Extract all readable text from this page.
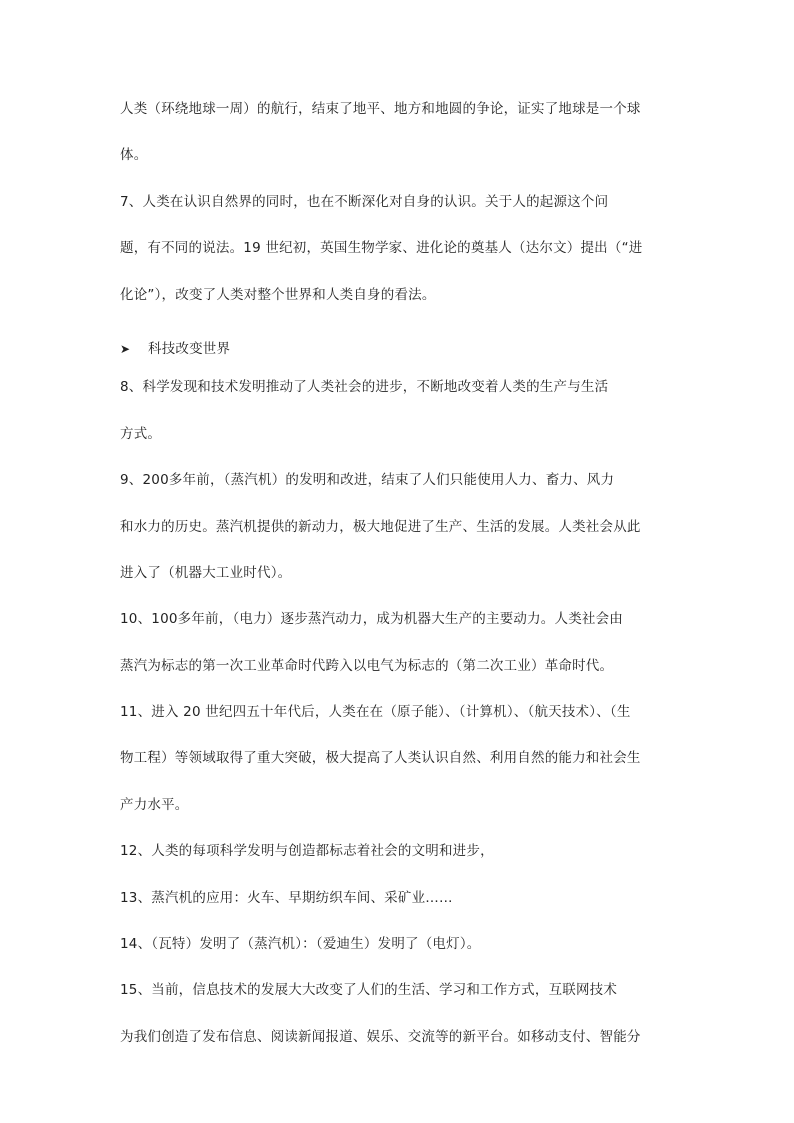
人类（环绕地球一周）的航行，结束了地平、地方和地圆的争论，证实了地球是一个球
体。
7、人类在认识自然界的同时，也在不断深化对自身的认识。关于人的起源这个问
题，有不同的说法。19 世纪初，英国生物学家、进化论的奠基人（达尔文）提出（“进
化论”），改变了人类对整个世界和人类自身的看法。
➤	科技改变世界
8、科学发现和技术发明推动了人类社会的进步，不断地改变着人类的生产与生活
方式。
9、200多年前，（蒸汽机）的发明和改进，结束了人们只能使用人力、畜力、风力
和水力的历史。蒸汽机提供的新动力，极大地促进了生产、生活的发展。人类社会从此
进入了（机器大工业时代）。
10、100多年前，（电力）逐步蒸汽动力，成为机器大生产的主要动力。人类社会由
蒸汽为标志的第一次工业革命时代跨入以电气为标志的（第二次工业）革命时代。
11、进入 20 世纪四五十年代后，人类在在（原子能）、（计算机）、（航天技术）、（生
物工程）等领域取得了重大突破，极大提高了人类认识自然、利用自然的能力和社会生
产力水平。
12、人类的每项科学发明与创造都标志着社会的文明和进步，
13、蒸汽机的应用：火车、早期纺织车间、采矿业……
14、（瓦特）发明了（蒸汽机）：（爱迪生）发明了（电灯）。
15、当前，信息技术的发展大大改变了人们的生活、学习和工作方式，互联网技术
为我们创造了发布信息、阅读新闻报道、娱乐、交流等的新平台。如移动支付、智能分
